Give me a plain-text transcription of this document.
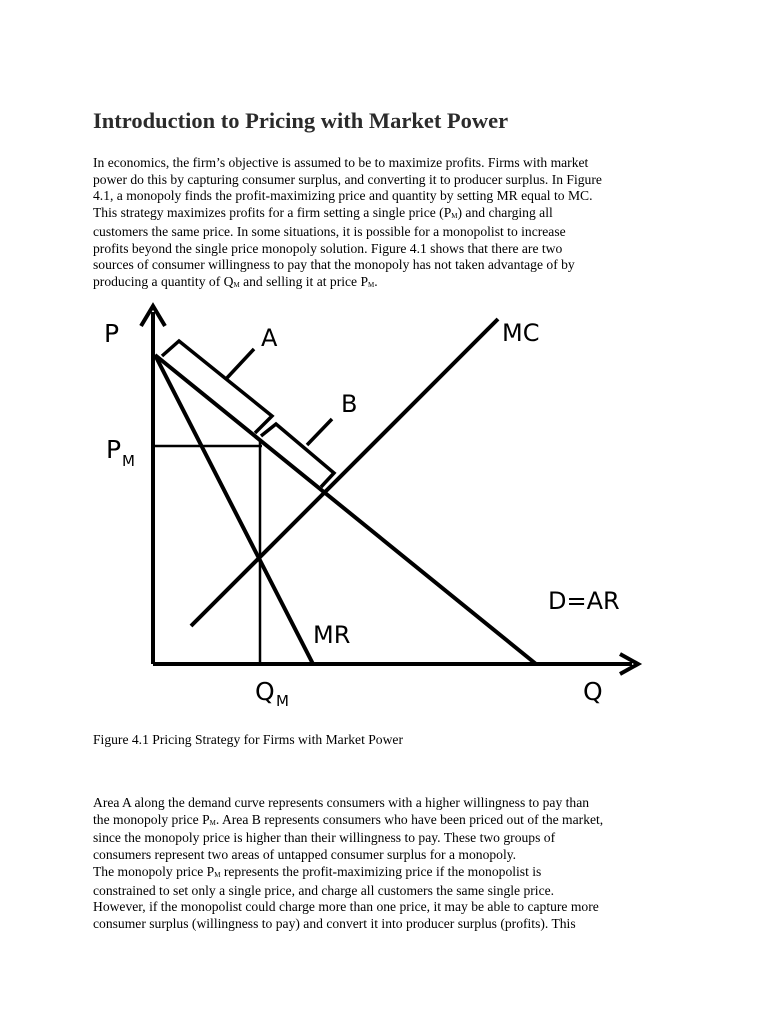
Introduction to Pricing with Market Power

In economics, the firm’s objective is assumed to be to maximize profits. Firms with market
power do this by capturing consumer surplus, and converting it to producer surplus. In Figure
4.1, a monopoly finds the profit-maximizing price and quantity by setting MR equal to MC.
This strategy maximizes profits for a firm setting a single price (PM) and charging all
customers the same price. In some situations, it is possible for a monopolist to increase
profits beyond the single price monopoly solution. Figure 4.1 shows that there are two
sources of consumer willingness to pay that the monopoly has not taken advantage of by
producing a quantity of QM and selling it at price PM.

P
Q
A
B
MC
MR
D=AR
P M
Q M

Figure 4.1 Pricing Strategy for Firms with Market Power

Area A along the demand curve represents consumers with a higher willingness to pay than
the monopoly price PM. Area B represents consumers who have been priced out of the market,
since the monopoly price is higher than their willingness to pay. These two groups of
consumers represent two areas of untapped consumer surplus for a monopoly.
The monopoly price PM represents the profit-maximizing price if the monopolist is
constrained to set only a single price, and charge all customers the same single price.
However, if the monopolist could charge more than one price, it may be able to capture more
consumer surplus (willingness to pay) and convert it into producer surplus (profits). This
